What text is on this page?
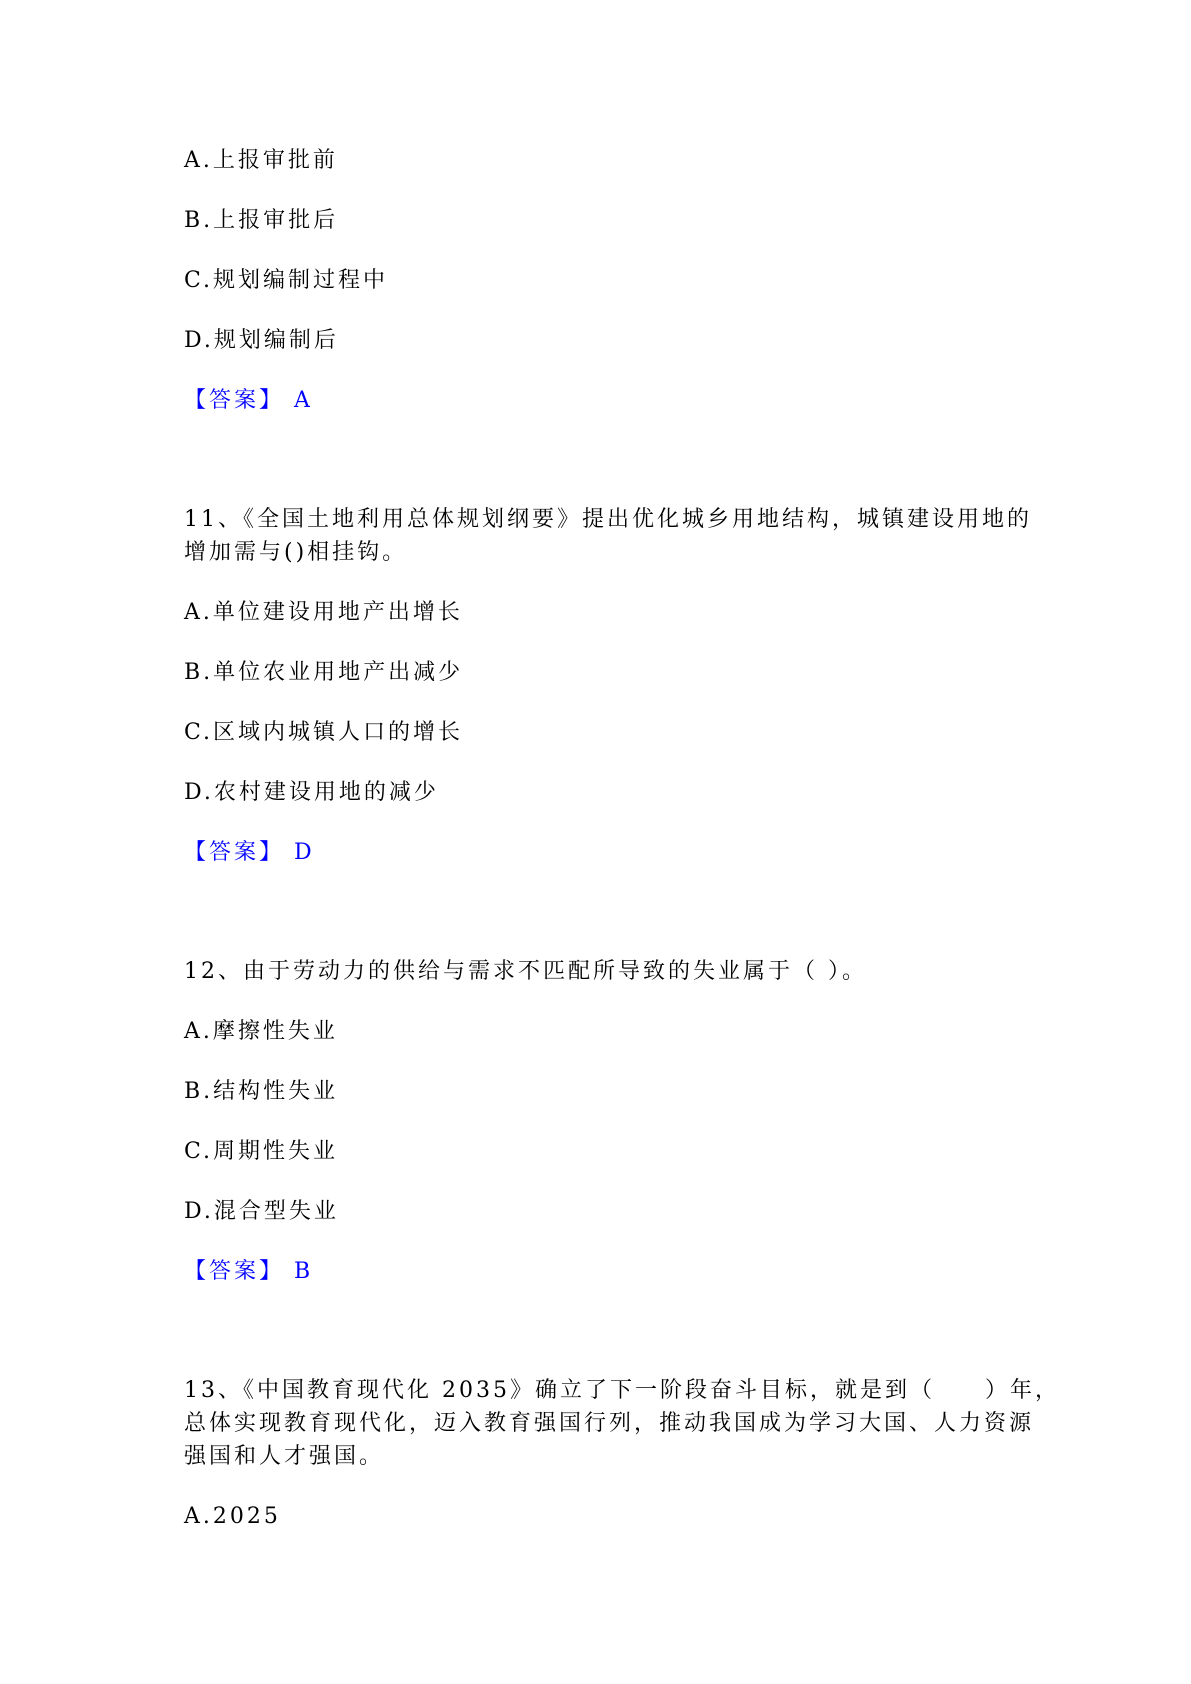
A.上报审批前
B.上报审批后
C.规划编制过程中
D.规划编制后
【答案】 A
11、《全国土地利用总体规划纲要》提出优化城乡用地结构，城镇建设用地的
增加需与()相挂钩。
A.单位建设用地产出增长
B.单位农业用地产出减少
C.区域内城镇人口的增长
D.农村建设用地的减少
【答案】 D
12、由于劳动力的供给与需求不匹配所导致的失业属于（ ）。
A.摩擦性失业
B.结构性失业
C.周期性失业
D.混合型失业
【答案】 B
13、《中国教育现代化 2035》确立了下一阶段奋斗目标，就是到（　　）年，
总体实现教育现代化，迈入教育强国行列，推动我国成为学习大国、人力资源
强国和人才强国。
A.2025
